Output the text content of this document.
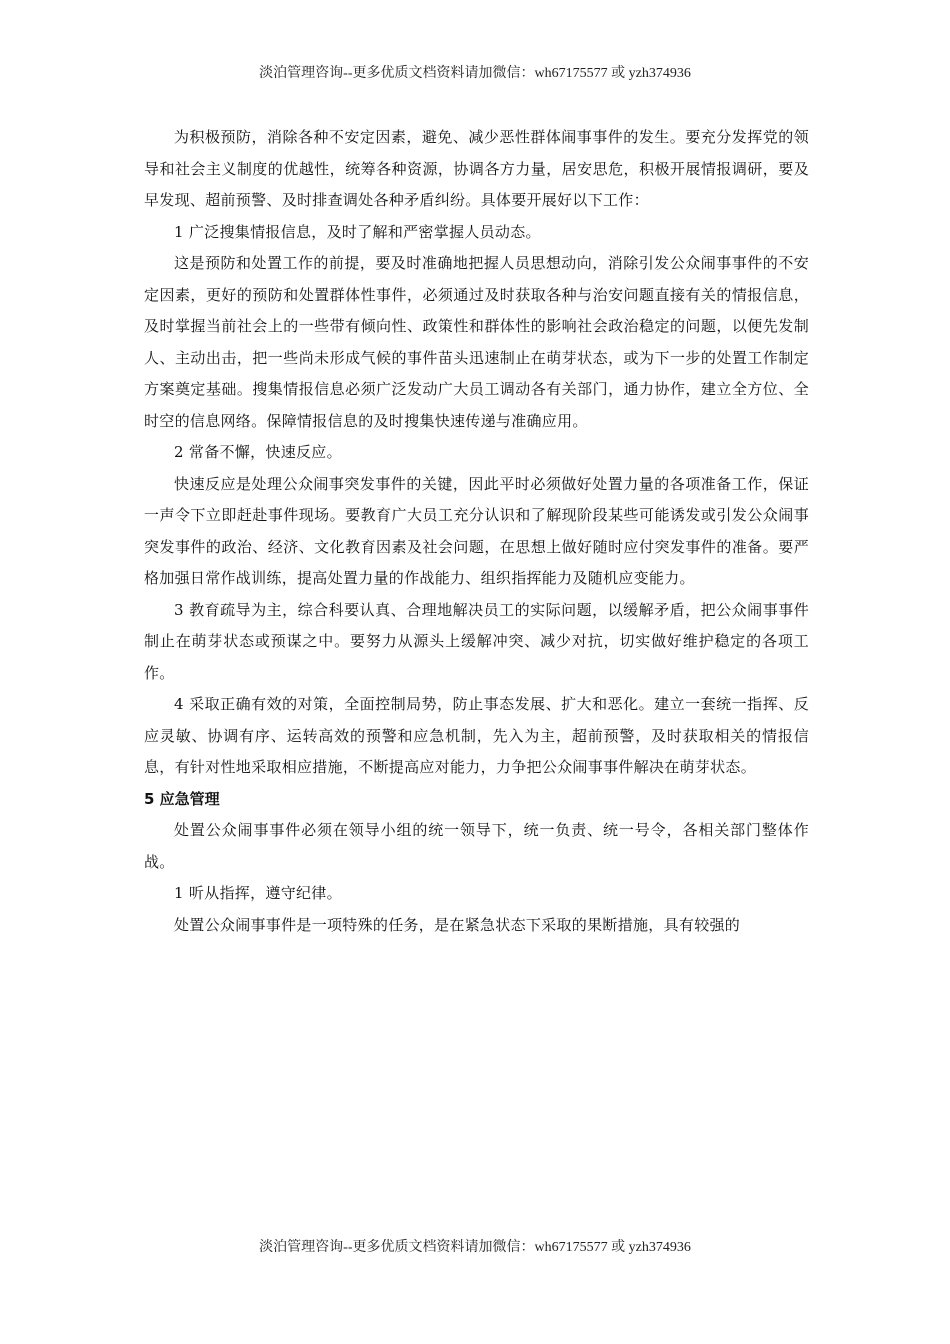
淡泊管理咨询--更多优质文档资料请加微信：wh67175577 或 yzh374936

为积极预防，消除各种不安定因素，避免、减少恶性群体闹事事件的发生。要充分发挥党的领导和社会主义制度的优越性，统筹各种资源，协调各方力量，居安思危，积极开展情报调研，要及早发现、超前预警、及时排查调处各种矛盾纠纷。具体要开展好以下工作：

1 广泛搜集情报信息，及时了解和严密掌握人员动态。

这是预防和处置工作的前提，要及时准确地把握人员思想动向，消除引发公众闹事事件的不安定因素，更好的预防和处置群体性事件，必须通过及时获取各种与治安问题直接有关的情报信息，及时掌握当前社会上的一些带有倾向性、政策性和群体性的影响社会政治稳定的问题，以便先发制人、主动出击，把一些尚未形成气候的事件苗头迅速制止在萌芽状态，或为下一步的处置工作制定方案奠定基础。搜集情报信息必须广泛发动广大员工调动各有关部门，通力协作，建立全方位、全时空的信息网络。保障情报信息的及时搜集快速传递与准确应用。

2 常备不懈，快速反应。

快速反应是处理公众闹事突发事件的关键，因此平时必须做好处置力量的各项准备工作，保证一声令下立即赶赴事件现场。要教育广大员工充分认识和了解现阶段某些可能诱发或引发公众闹事突发事件的政治、经济、文化教育因素及社会问题，在思想上做好随时应付突发事件的准备。要严格加强日常作战训练，提高处置力量的作战能力、组织指挥能力及随机应变能力。

3 教育疏导为主，综合科要认真、合理地解决员工的实际问题，以缓解矛盾，把公众闹事事件制止在萌芽状态或预谋之中。要努力从源头上缓解冲突、减少对抗，切实做好维护稳定的各项工作。

4 采取正确有效的对策，全面控制局势，防止事态发展、扩大和恶化。建立一套统一指挥、反应灵敏、协调有序、运转高效的预警和应急机制，先入为主，超前预警，及时获取相关的情报信息，有针对性地采取相应措施，不断提高应对能力，力争把公众闹事事件解决在萌芽状态。

5 应急管理

处置公众闹事事件必须在领导小组的统一领导下，统一负责、统一号令，各相关部门整体作战。

1 听从指挥，遵守纪律。

处置公众闹事事件是一项特殊的任务，是在紧急状态下采取的果断措施，具有较强的

淡泊管理咨询--更多优质文档资料请加微信：wh67175577 或 yzh374936
